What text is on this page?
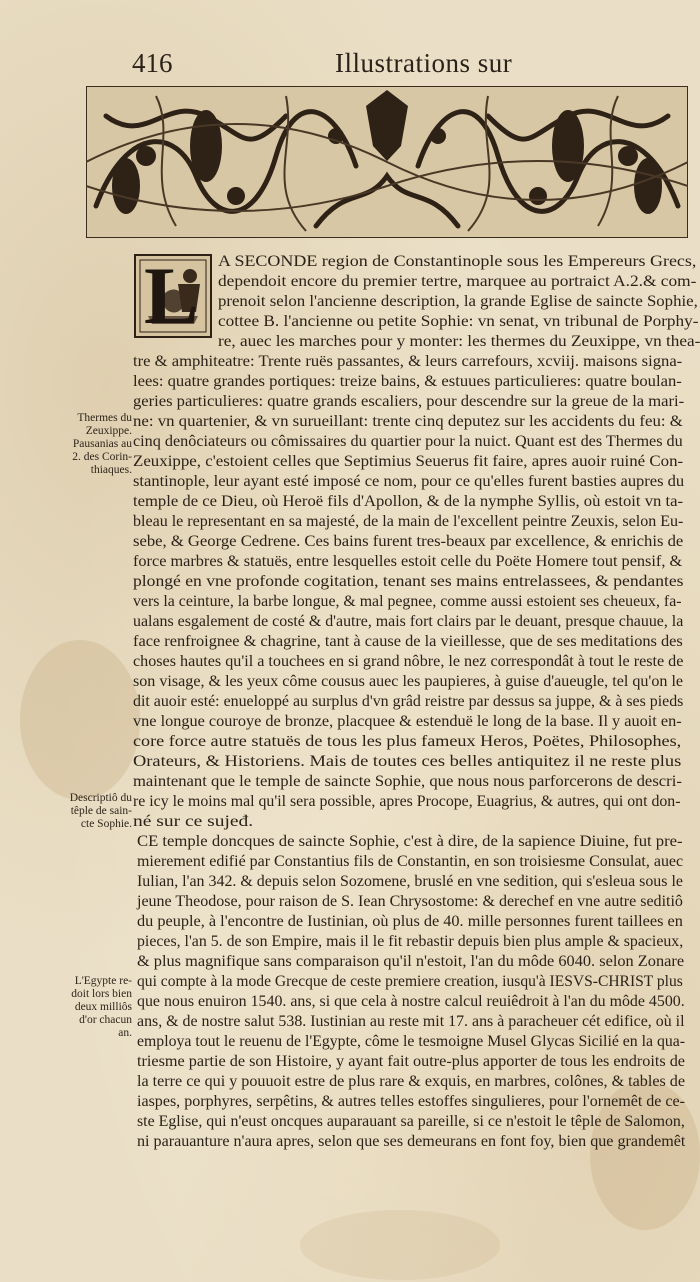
416	Illustrations sur
L A SECONDE region de Constantinople sous les Empereurs Grecs,
dependoit encore du premier tertre, marquee au portraict A.2.& com-
prenoit selon l'ancienne description, la grande Eglise de saincte Sophie,
cottee B. l'ancienne ou petite Sophie: vn senat, vn tribunal de Porphy-
re, auec les marches pour y monter: les thermes du Zeuxippe, vn thea-
tre & amphiteatre: Trente ruës passantes, & leurs carrefours, xcviij. maisons signa-
lees: quatre grandes portiques: treize bains, & estuues particulieres: quatre boulan-
geries particulieres: quatre grands escaliers, pour descendre sur la greue de la mari-
ne: vn quartenier, & vn surueillant: trente cinq deputez sur les accidents du feu: &
cinq denôciateurs ou cômissaires du quartier pour la nuict. Quant est des Thermes du
Zeuxippe, c'estoient celles que Septimius Seuerus fit faire, apres auoir ruiné Con-
stantinople, leur ayant esté imposé ce nom, pour ce qu'elles furent basties aupres du
temple de ce Dieu, où Heroë fils d'Apollon, & de la nymphe Syllis, où estoit vn ta-
bleau le representant en sa majesté, de la main de l'excellent peintre Zeuxis, selon Eu-
sebe, & George Cedrene. Ces bains furent tres-beaux par excellence, & enrichis de
force marbres & statuës, entre lesquelles estoit celle du Poëte Homere tout pensif, &
plongé en vne profonde cogitation, tenant ses mains entrelassees, & pendantes
vers la ceinture, la barbe longue, & mal pegnee, comme aussi estoient ses cheueux, fa-
ualans esgalement de costé & d'autre, mais fort clairs par le deuant, presque chauue, la
face renfroignee & chagrine, tant à cause de la vieillesse, que de ses meditations des
choses hautes qu'il a touchees en si grand nôbre, le nez correspondât à tout le reste de
son visage, & les yeux côme cousus auec les paupieres, à guise d'aueugle, tel qu'on le
dit auoir esté: enueloppé au surplus d'vn grâd reistre par dessus sa juppe, & à ses pieds
vne longue couroye de bronze, placquee & estenduë le long de la base. Il y auoit en-
core force autre statuës de tous les plus fameux Heros, Poëtes, Philosophes,
Orateurs, & Historiens. Mais de toutes ces belles antiquitez il ne reste plus
maintenant que le temple de saincte Sophie, que nous nous parforcerons de descri-
re icy le moins mal qu'il sera possible, apres Procope, Euagrius, & autres, qui ont don-
né sur ce sujeđ.
CE temple doncques de saincte Sophie, c'est à dire, de la sapience Diuine, fut pre-
mierement edifié par Constantius fils de Constantin, en son troisiesme Consulat, auec
Iulian, l'an 342. & depuis selon Sozomene, bruslé en vne sedition, qui s'esleua sous le
jeune Theodose, pour raison de S. Iean Chrysostome: & derechef en vne autre seditiô
du peuple, à l'encontre de Iustinian, où plus de 40. mille personnes furent taillees en
pieces, l'an 5. de son Empire, mais il le fit rebastir depuis bien plus ample & spacieux,
& plus magnifique sans comparaison qu'il n'estoit, l'an du môde 6040. selon Zonare
qui compte à la mode Grecque de ceste premiere creation, iusqu'à IESVS-CHRIST plus
que nous enuiron 1540. ans, si que cela à nostre calcul reuiêdroit à l'an du môde 4500.
ans, & de nostre salut 538. Iustinian au reste mit 17. ans à paracheuer cét edifice, où il
employa tout le reuenu de l'Egypte, côme le tesmoigne Musel Glycas Sicilié en la qua-
triesme partie de son Histoire, y ayant fait outre-plus apporter de tous les endroits de
la terre ce qui y pouuoit estre de plus rare & exquis, en marbres, colônes, & tables de
iaspes, porphyres, serpêtins, & autres telles estoffes singulieres, pour l'ornemêt de ce-
ste Eglise, qui n'eust oncques auparauant sa pareille, si ce n'estoit le têple de Salomon,
ni parauanture n'aura apres, selon que ses demeurans en font foy, bien que grandemêt
Thermes du
Zeuxippe.
Pausanias au
2. des Corin-
thiaques.
Descriptiô du
têple de sain-
cte Sophie.
L'Egypte re-
doit lors bien
deux milliôs
d'or chacun
an.
